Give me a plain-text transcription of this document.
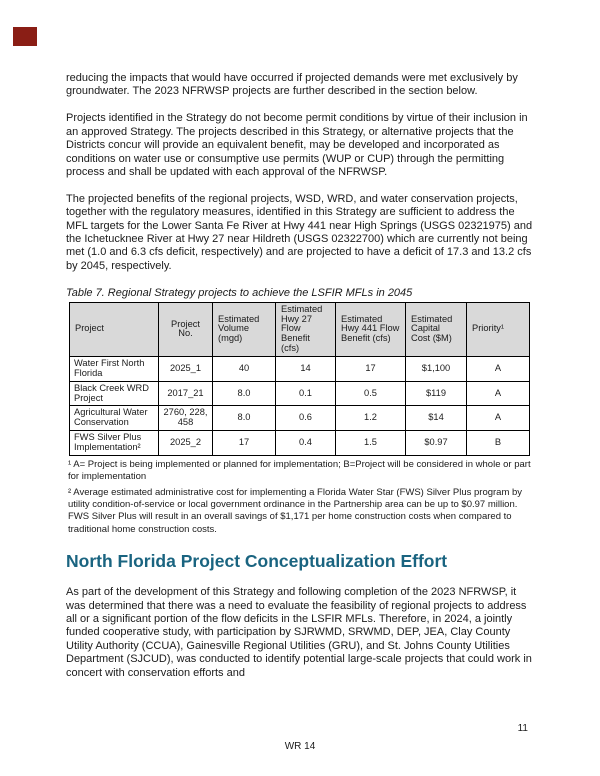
reducing the impacts that would have occurred if projected demands were met exclusively by groundwater. The 2023 NFRWSP projects are further described in the section below.

Projects identified in the Strategy do not become permit conditions by virtue of their inclusion in an approved Strategy. The projects described in this Strategy, or alternative projects that the Districts concur will provide an equivalent benefit, may be developed and incorporated as conditions on water use or consumptive use permits (WUP or CUP) through the permitting process and shall be updated with each approval of the NFRWSP.

The projected benefits of the regional projects, WSD, WRD, and water conservation projects, together with the regulatory measures, identified in this Strategy are sufficient to address the MFL targets for the Lower Santa Fe River at Hwy 441 near High Springs (USGS 02321975) and the Ichetucknee River at Hwy 27 near Hildreth (USGS 02322700) which are currently not being met (1.0 and 6.3 cfs deficit, respectively) and are projected to have a deficit of 17.3 and 13.2 cfs by 2045, respectively.

Table 7. Regional Strategy projects to achieve the LSFIR MFLs in 2045

Project	Project No.	Estimated Volume (mgd)	Estimated Hwy 27 Flow Benefit (cfs)	Estimated Hwy 441 Flow Benefit (cfs)	Estimated Capital Cost ($M)	Priority¹
Water First North Florida	2025_1	40	14	17	$1,100	A
Black Creek WRD Project	2017_21	8.0	0.1	0.5	$119	A
Agricultural Water Conservation	2760, 228, 458	8.0	0.6	1.2	$14	A
FWS Silver Plus Implementation²	2025_2	17	0.4	1.5	$0.97	B

¹ A= Project is being implemented or planned for implementation; B=Project will be considered in whole or part for implementation

² Average estimated administrative cost for implementing a Florida Water Star (FWS) Silver Plus program by utility condition-of-service or local government ordinance in the Partnership area can be up to $0.97 million. FWS Silver Plus will result in an overall savings of $1,171 per home construction costs when compared to traditional home construction costs.

North Florida Project Conceptualization Effort

As part of the development of this Strategy and following completion of the 2023 NFRWSP, it was determined that there was a need to evaluate the feasibility of regional projects to address all or a significant portion of the flow deficits in the LSFIR MFLs. Therefore, in 2024, a jointly funded cooperative study, with participation by SJRWMD, SRWMD, DEP, JEA, Clay County Utility Authority (CCUA), Gainesville Regional Utilities (GRU), and St. Johns County Utilities Department (SJCUD), was conducted to identify potential large-scale projects that could work in concert with conservation efforts and

11
WR 14
